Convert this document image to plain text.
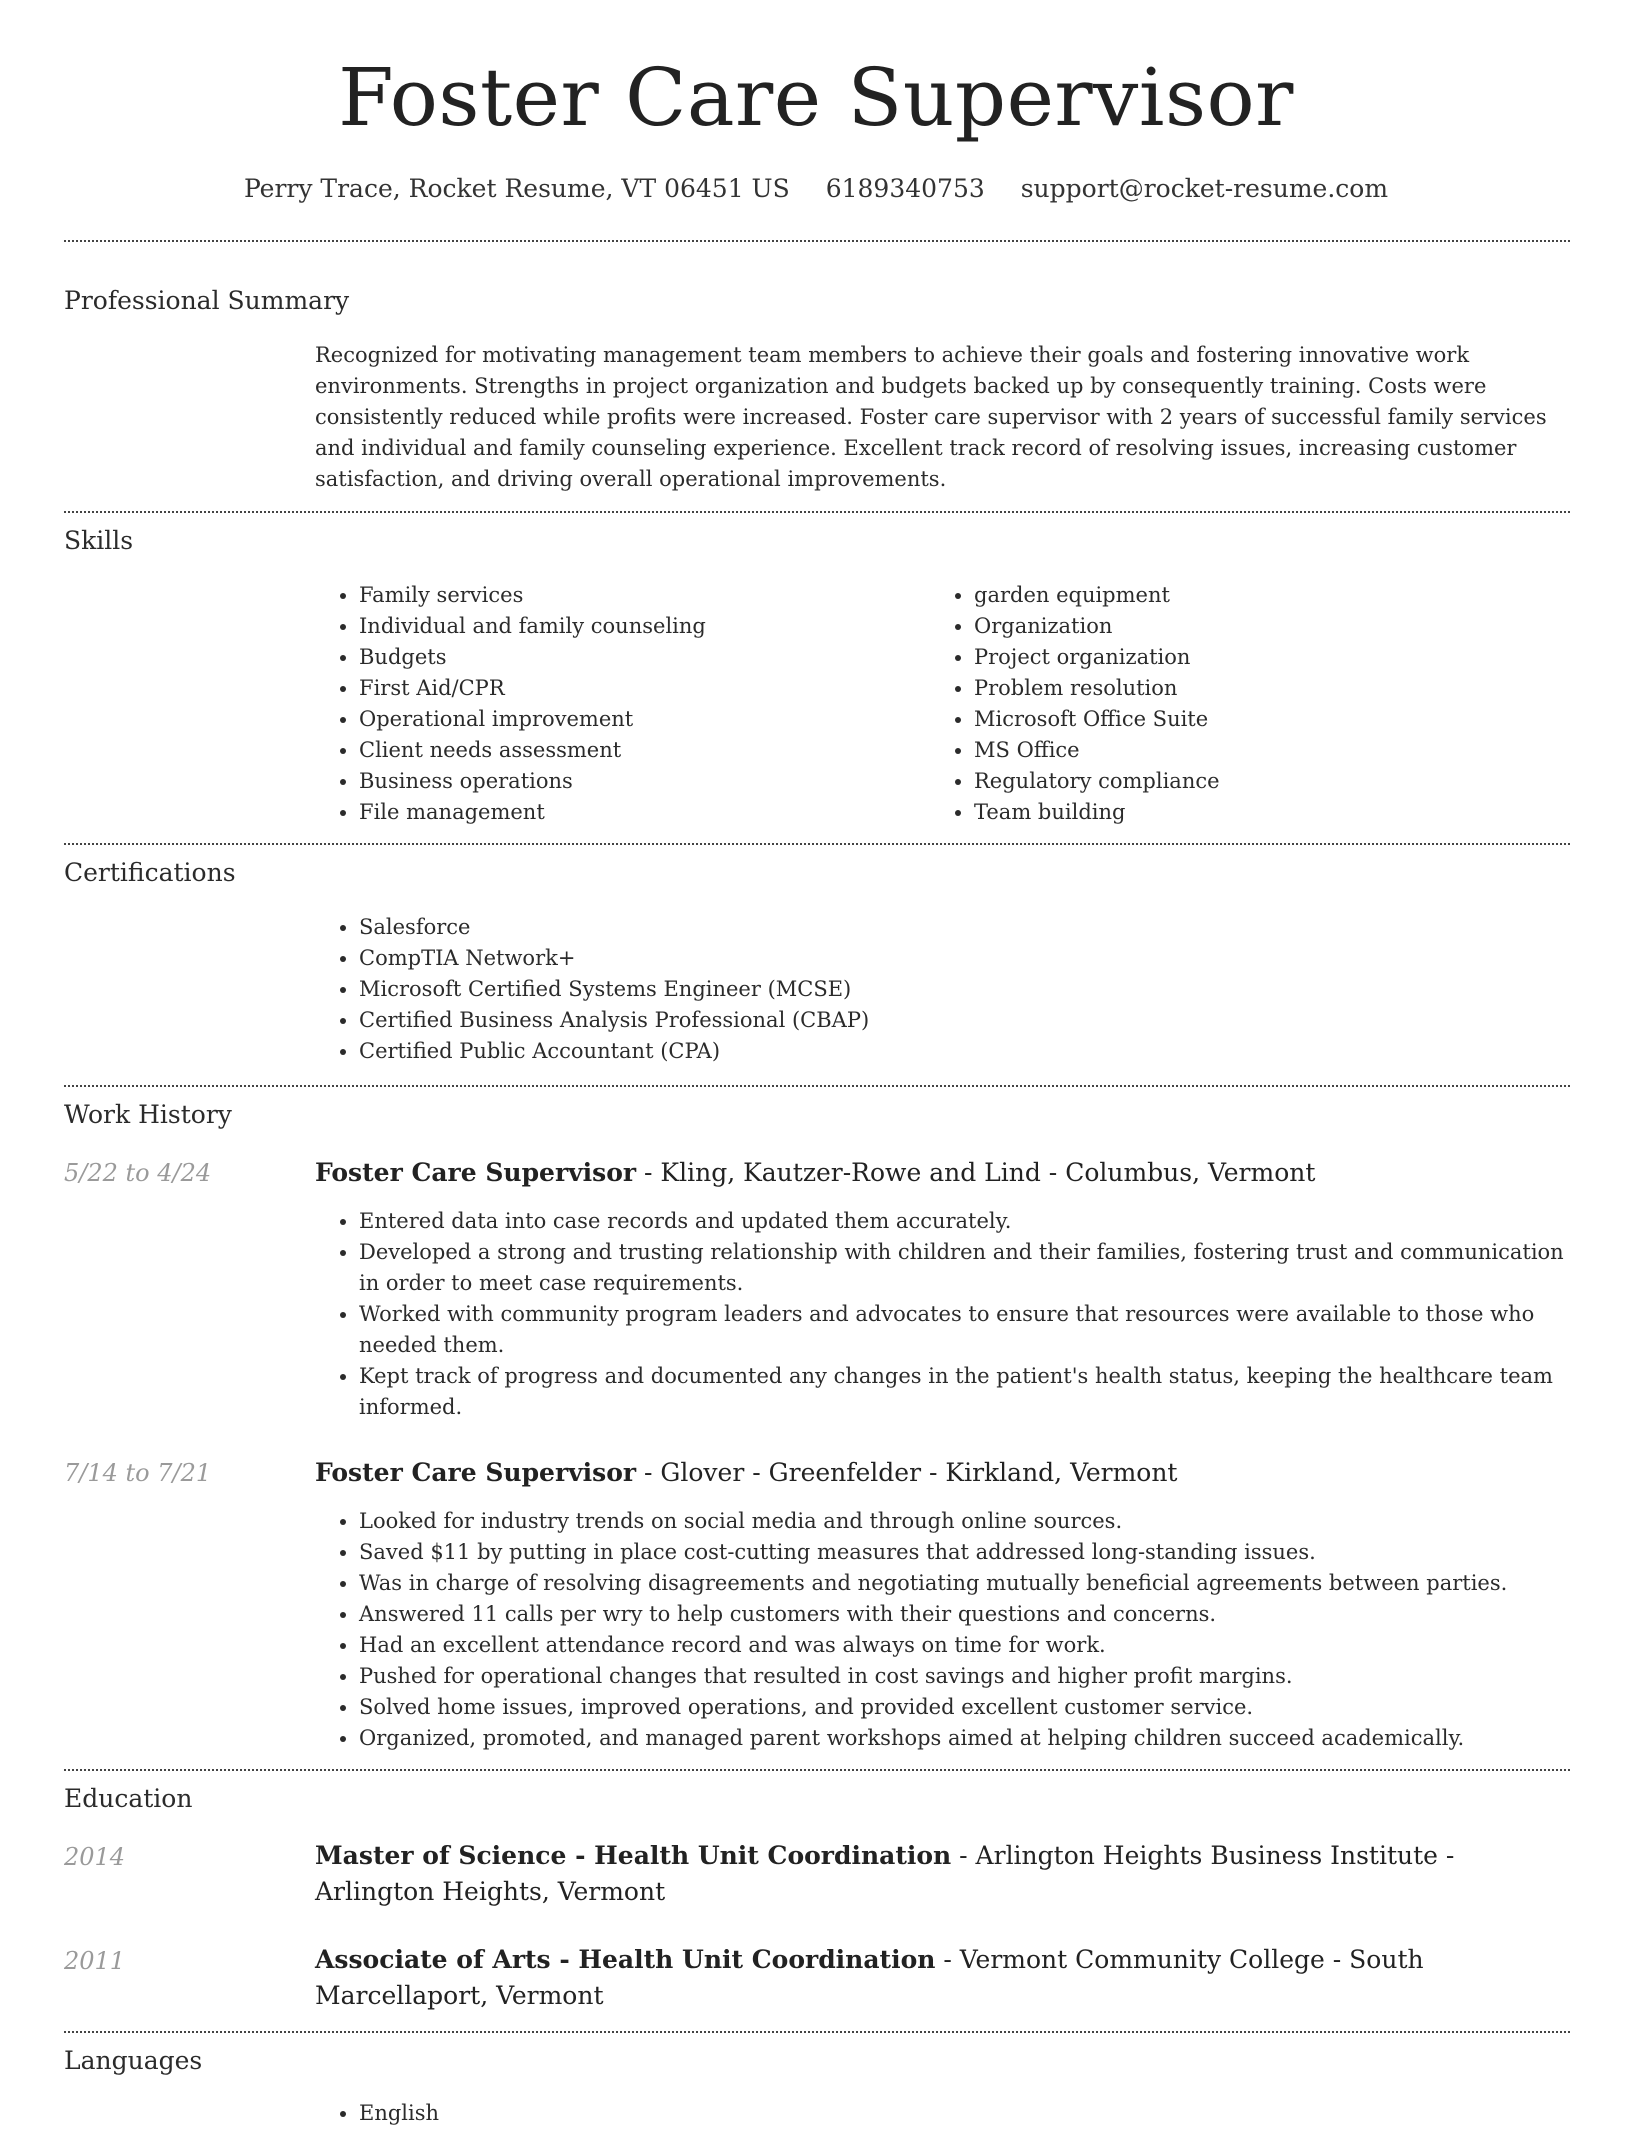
Foster Care Supervisor
Perry Trace, Rocket Resume, VT 06451 US 6189340753 support@rocket-resume.com
Professional Summary
Recognized for motivating management team members to achieve their goals and fostering innovative work environments. Strengths in project organization and budgets backed up by consequently training. Costs were consistently reduced while profits were increased. Foster care supervisor with 2 years of successful family services and individual and family counseling experience. Excellent track record of resolving issues, increasing customer satisfaction, and driving overall operational improvements.
Skills
• Family services
• Individual and family counseling
• Budgets
• First Aid/CPR
• Operational improvement
• Client needs assessment
• Business operations
• File management
• garden equipment
• Organization
• Project organization
• Problem resolution
• Microsoft Office Suite
• MS Office
• Regulatory compliance
• Team building
Certifications
• Salesforce
• CompTIA Network+
• Microsoft Certified Systems Engineer (MCSE)
• Certified Business Analysis Professional (CBAP)
• Certified Public Accountant (CPA)
Work History
5/22 to 4/24	Foster Care Supervisor - Kling, Kautzer-Rowe and Lind - Columbus, Vermont
• Entered data into case records and updated them accurately.
• Developed a strong and trusting relationship with children and their families, fostering trust and communication in order to meet case requirements.
• Worked with community program leaders and advocates to ensure that resources were available to those who needed them.
• Kept track of progress and documented any changes in the patient's health status, keeping the healthcare team informed.
7/14 to 7/21	Foster Care Supervisor - Glover - Greenfelder - Kirkland, Vermont
• Looked for industry trends on social media and through online sources.
• Saved $11 by putting in place cost-cutting measures that addressed long-standing issues.
• Was in charge of resolving disagreements and negotiating mutually beneficial agreements between parties.
• Answered 11 calls per wry to help customers with their questions and concerns.
• Had an excellent attendance record and was always on time for work.
• Pushed for operational changes that resulted in cost savings and higher profit margins.
• Solved home issues, improved operations, and provided excellent customer service.
• Organized, promoted, and managed parent workshops aimed at helping children succeed academically.
Education
2014	Master of Science - Health Unit Coordination - Arlington Heights Business Institute - Arlington Heights, Vermont
2011	Associate of Arts - Health Unit Coordination - Vermont Community College - South Marcellaport, Vermont
Languages
• English
